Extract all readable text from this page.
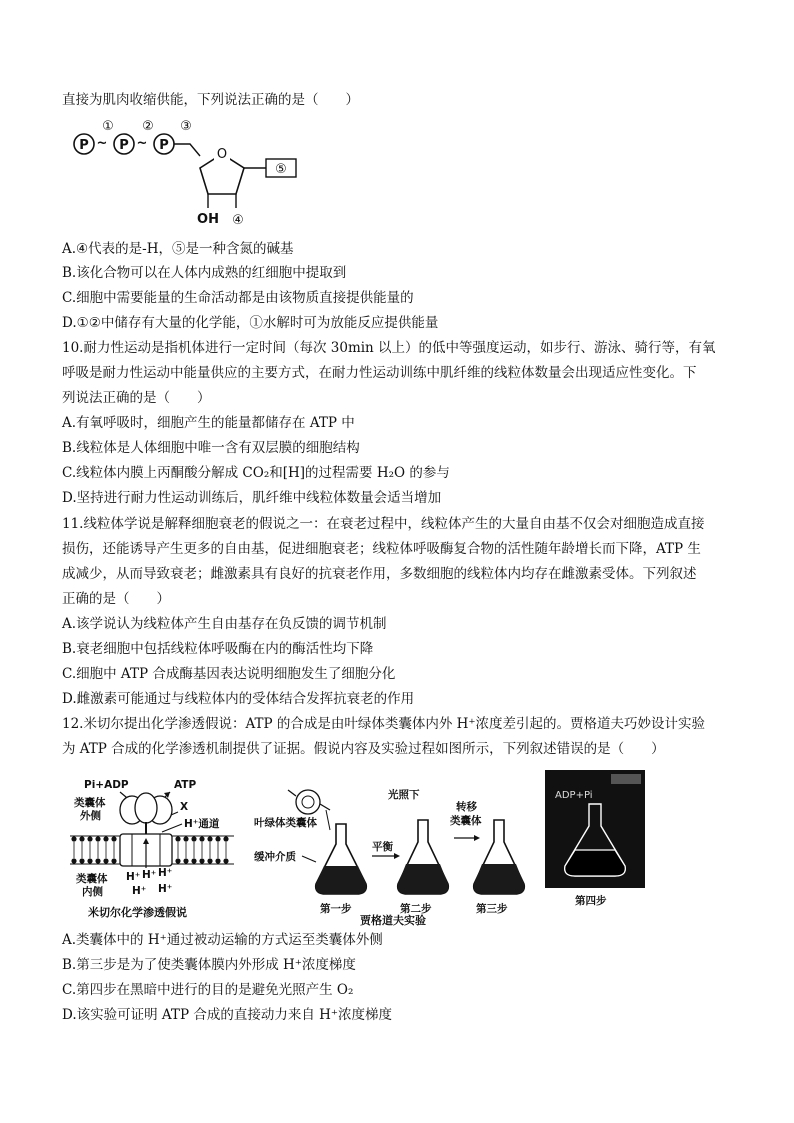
直接为肌肉收缩供能，下列说法正确的是（　　）
P ~
①
P ~
②
P
③
O
⑤
OH ④
A.④代表的是-H，⑤是一种含氮的碱基
B.该化合物可以在人体内成熟的红细胞中提取到
C.细胞中需要能量的生命活动都是由该物质直接提供能量的
D.①②中储存有大量的化学能，①水解时可为放能反应提供能量
10.耐力性运动是指机体进行一定时间（每次 30min 以上）的低中等强度运动，如步行、游泳、骑行等，有氧
呼吸是耐力性运动中能量供应的主要方式，在耐力性运动训练中肌纤维的线粒体数量会出现适应性变化。下
列说法正确的是（　　）
A.有氧呼吸时，细胞产生的能量都储存在 ATP 中
B.线粒体是人体细胞中唯一含有双层膜的细胞结构
C.线粒体内膜上丙酮酸分解成 CO₂和[H]的过程需要 H₂O 的参与
D.坚持进行耐力性运动训练后，肌纤维中线粒体数量会适当增加
11.线粒体学说是解释细胞衰老的假说之一：在衰老过程中，线粒体产生的大量自由基不仅会对细胞造成直接
损伤，还能诱导产生更多的自由基，促进细胞衰老；线粒体呼吸酶复合物的活性随年龄增长而下降，ATP 生
成减少，从而导致衰老；雌激素具有良好的抗衰老作用，多数细胞的线粒体内均存在雌激素受体。下列叙述
正确的是（　　）
A.该学说认为线粒体产生自由基存在负反馈的调节机制
B.衰老细胞中包括线粒体呼吸酶在内的酶活性均下降
C.细胞中 ATP 合成酶基因表达说明细胞发生了细胞分化
D.雌激素可能通过与线粒体内的受体结合发挥抗衰老的作用
12.米切尔提出化学渗透假说：ATP 的合成是由叶绿体类囊体内外 H⁺浓度差引起的。贾格道夫巧妙设计实验
为 ATP 合成的化学渗透机制提供了证据。假说内容及实验过程如图所示，下列叙述错误的是（　　）
Pi+ADP	ATP
类囊体
外侧
X
H⁺通道
类囊体
内侧
H⁺ H⁺ H⁺
H⁺ H⁺
米切尔化学渗透假说
叶绿体类囊体
缓冲介质
光照下
第一步
平衡
第二步
转移
类囊体
第三步
贾格道夫实验
ADP+Pi
第四步
A.类囊体中的 H⁺通过被动运输的方式运至类囊体外侧
B.第三步是为了使类囊体膜内外形成 H⁺浓度梯度
C.第四步在黑暗中进行的目的是避免光照产生 O₂
D.该实验可证明 ATP 合成的直接动力来自 H⁺浓度梯度
